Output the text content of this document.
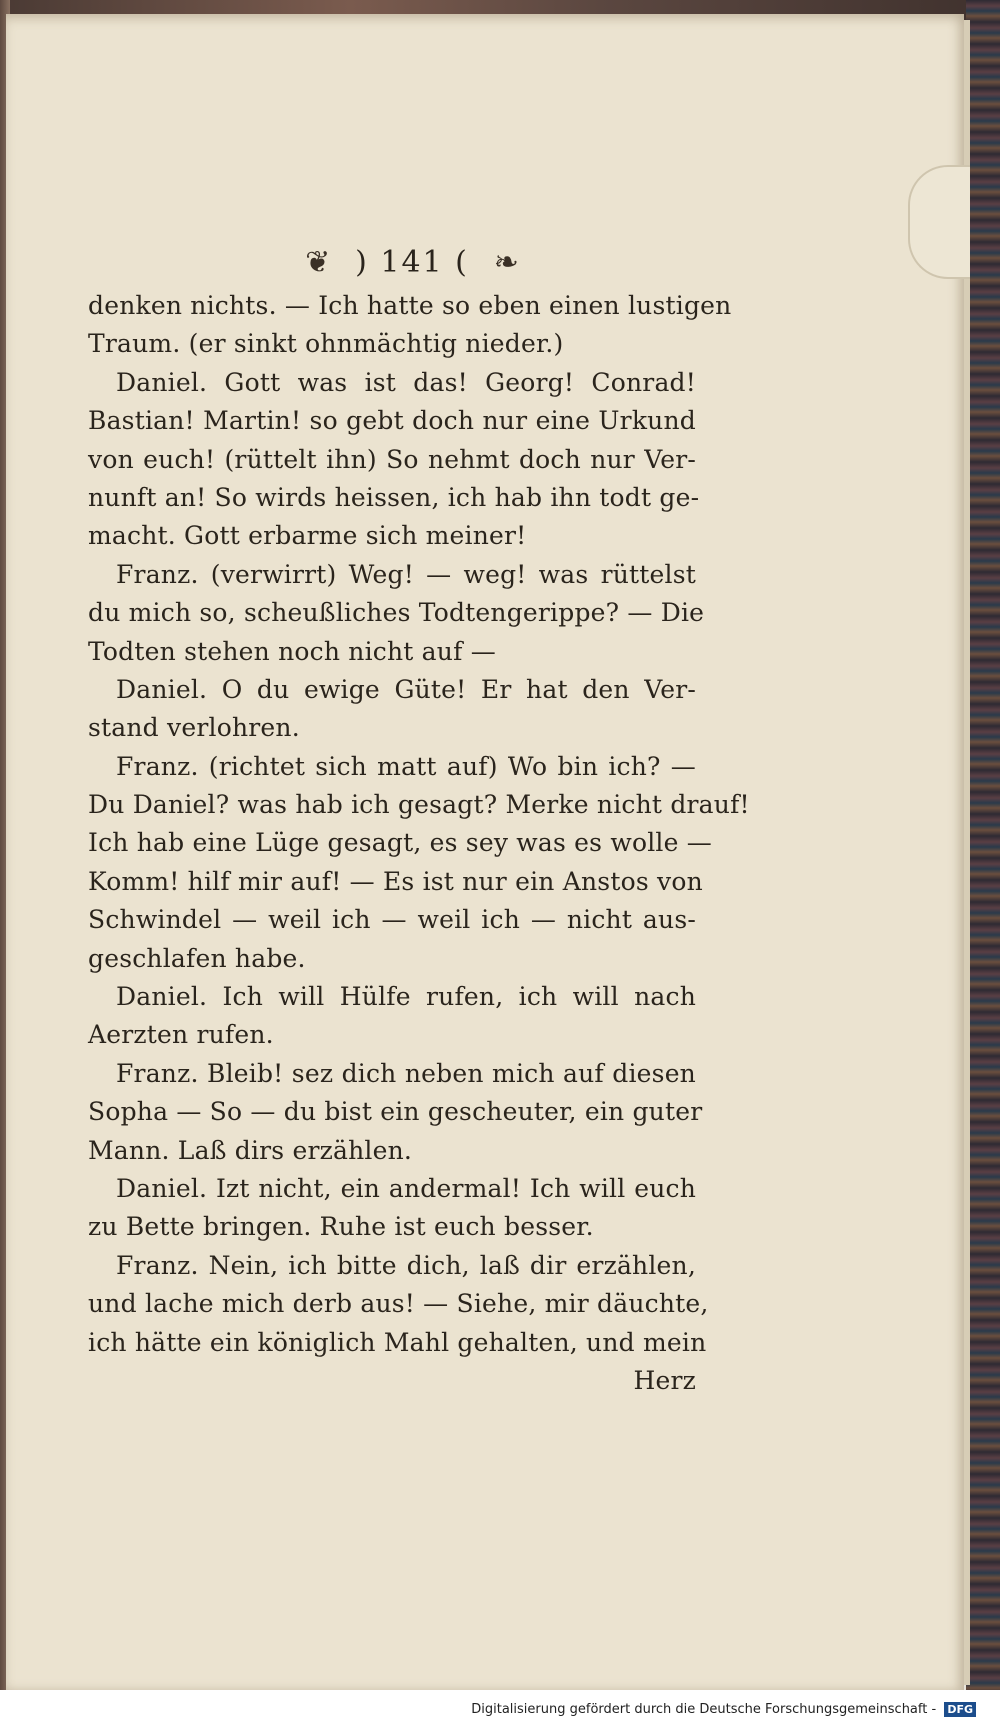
❦ ) 141 ( ❧
denken nichts. — Ich hatte so eben einen lustigen
Traum. (er sinkt ohnmächtig nieder.)
Daniel. Gott was ist das! Georg! Conrad!
Bastian! Martin! so gebt doch nur eine Urkund
von euch! (rüttelt ihn) So nehmt doch nur Ver-
nunft an! So wirds heissen, ich hab ihn todt ge-
macht. Gott erbarme sich meiner!
Franz. (verwirrt) Weg! — weg! was rüttelst
du mich so, scheußliches Todtengerippe? — Die
Todten stehen noch nicht auf —
Daniel. O du ewige Güte! Er hat den Ver-
stand verlohren.
Franz. (richtet sich matt auf) Wo bin ich? —
Du Daniel? was hab ich gesagt? Merke nicht drauf!
Ich hab eine Lüge gesagt, es sey was es wolle —
Komm! hilf mir auf! — Es ist nur ein Anstos von
Schwindel — weil ich — weil ich — nicht aus-
geschlafen habe.
Daniel. Ich will Hülfe rufen, ich will nach
Aerzten rufen.
Franz. Bleib! sez dich neben mich auf diesen
Sopha — So — du bist ein gescheuter, ein guter
Mann. Laß dirs erzählen.
Daniel. Izt nicht, ein andermal! Ich will euch
zu Bette bringen. Ruhe ist euch besser.
Franz. Nein, ich bitte dich, laß dir erzählen,
und lache mich derb aus! — Siehe, mir däuchte,
ich hätte ein königlich Mahl gehalten, und mein
Herz
Digitalisierung gefördert durch die Deutsche Forschungsgemeinschaft - DFG
